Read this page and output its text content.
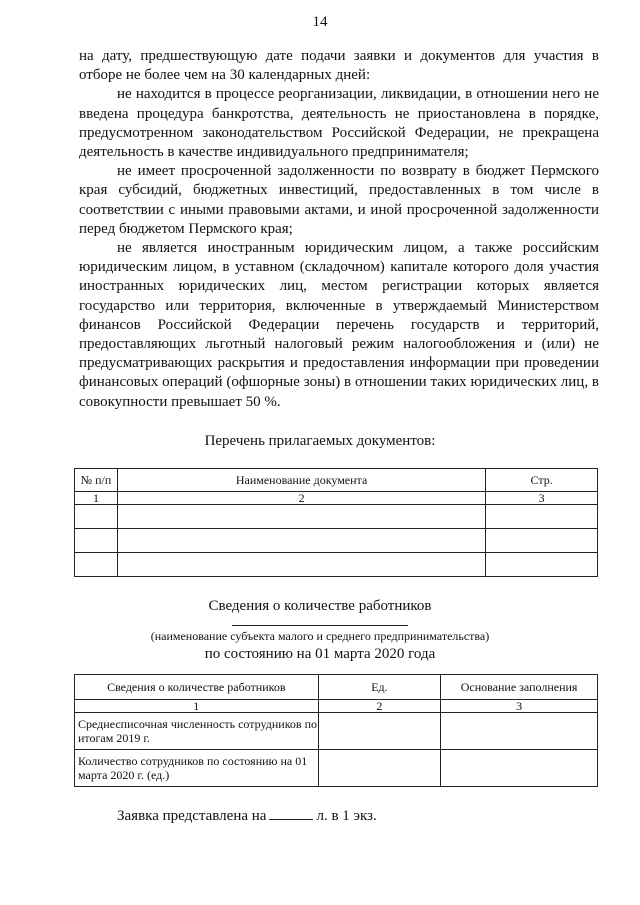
14

на дату, предшествующую дате подачи заявки и документов для участия в отборе не более чем на 30 календарных дней:

не находится в процессе реорганизации, ликвидации, в отношении него не введена процедура банкротства, деятельность не приостановлена в порядке, предусмотренном законодательством Российской Федерации, не прекращена деятельность в качестве индивидуального предпринимателя;

не имеет просроченной задолженности по возврату в бюджет Пермского края субсидий, бюджетных инвестиций, предоставленных в том числе в соответствии с иными правовыми актами, и иной просроченной задолженности перед бюджетом Пермского края;

не является иностранным юридическим лицом, а также российским юридическим лицом, в уставном (складочном) капитале которого доля участия иностранных юридических лиц, местом регистрации которых является государство или территория, включенные в утверждаемый Министерством финансов Российской Федерации перечень государств и территорий, предоставляющих льготный налоговый режим налогообложения и (или) не предусматривающих раскрытия и предоставления информации при проведении финансовых операций (офшорные зоны) в отношении таких юридических лиц, в совокупности превышает 50 %.

Перечень прилагаемых документов:
№ п/п	Наименование документа	Стр.
1	2	3

Сведения о количестве работников
(наименование субъекта малого и среднего предпринимательства)
по состоянию на 01 марта 2020 года
Сведения о количестве работников	Ед.	Основание заполнения
1	2	3
Среднесписочная численность сотрудников по итогам 2019 г.		
Количество сотрудников по состоянию на 01 марта 2020 г. (ед.)		
Заявка представлена на	л. в 1 экз.
